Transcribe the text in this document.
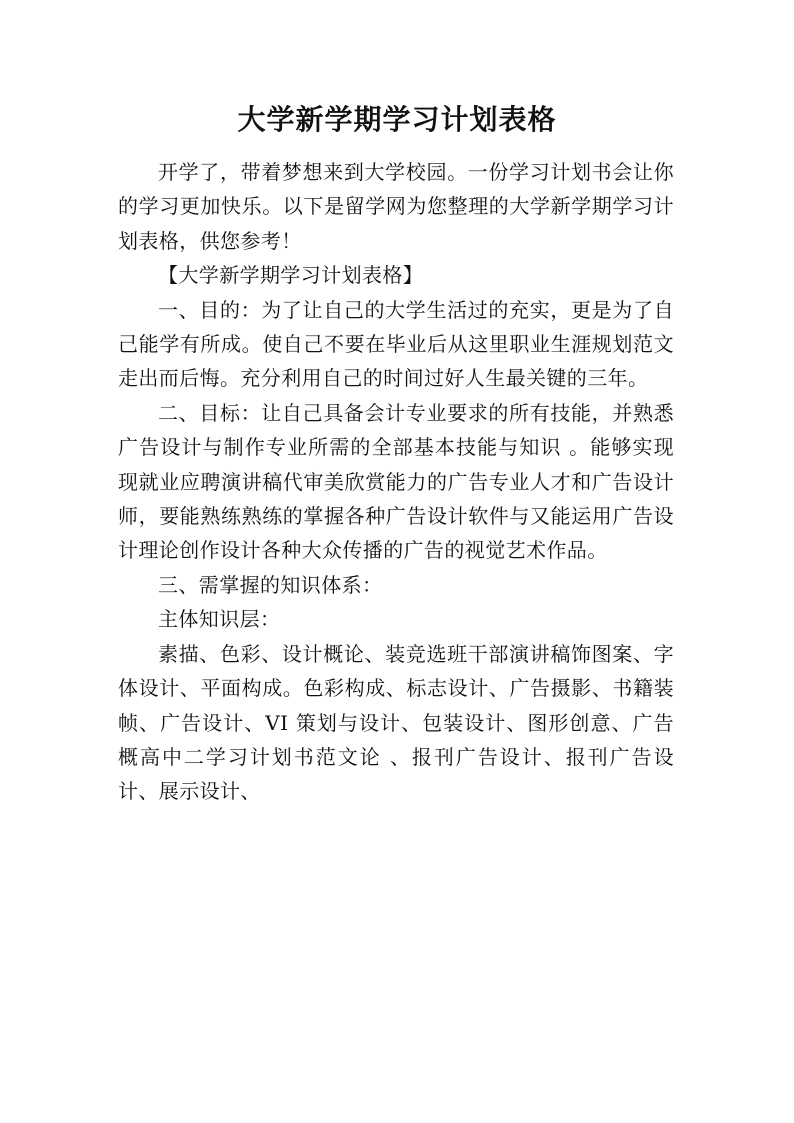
大学新学期学习计划表格

开学了，带着梦想来到大学校园。一份学习计划书会让你的学习更加快乐。以下是留学网为您整理的大学新学期学习计划表格，供您参考！

【大学新学期学习计划表格】

一、目的：为了让自己的大学生活过的充实，更是为了自己能学有所成。使自己不要在毕业后从这里职业生涯规划范文走出而后悔。充分利用自己的时间过好人生最关键的三年。

二、目标：让自己具备会计专业要求的所有技能，并熟悉广告设计与制作专业所需的全部基本技能与知识 。能够实现现就业应聘演讲稿代审美欣赏能力的广告专业人才和广告设计师，要能熟练熟练的掌握各种广告设计软件与又能运用广告设计理论创作设计各种大众传播的广告的视觉艺术作品。

三、需掌握的知识体系：

主体知识层：

素描、色彩、设计概论、装竞选班干部演讲稿饰图案、字体设计、平面构成。色彩构成、标志设计、广告摄影、书籍装帧、广告设计、VI 策划与设计、包装设计、图形创意、广告概高中二学习计划书范文论 、报刊广告设计、报刊广告设计、展示设计、
